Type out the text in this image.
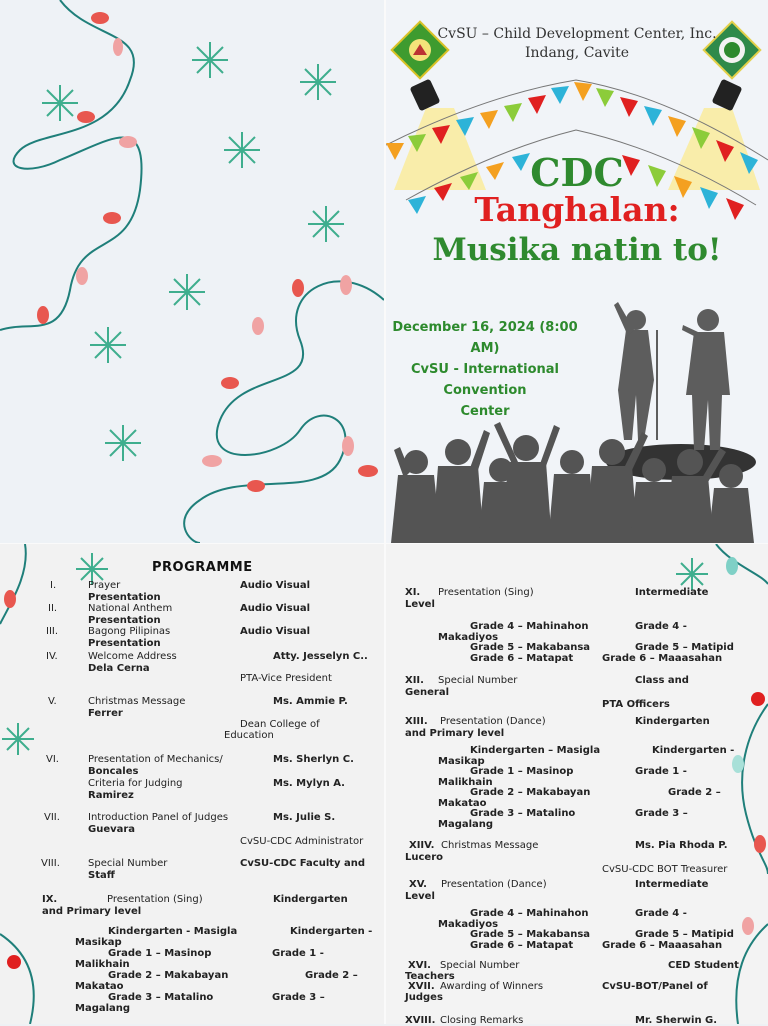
CvSU – Child Development Center, Inc.
Indang, Cavite
CDC
Tanghalan:
Musika natin to!
December 16, 2024 (8:00 AM)
CvSU - International
Convention
Center
PROGRAMME
I.	Prayer	Audio Visual
Presentation
II.	National Anthem	Audio Visual
Presentation
III.	Bagong Pilipinas	Audio Visual
Presentation
IV.	Welcome Address	Atty. Jesselyn C..
Dela Cerna
PTA-Vice President
V.	Christmas Message	Ms. Ammie P.
Ferrer
Dean College of
Education
VI.	Presentation of Mechanics/	Ms. Sherlyn C.
Boncales
Criteria for Judging	Ms. Mylyn A.
Ramirez
VII.	Introduction Panel of Judges	Ms. Julie S.
Guevara
CvSU-CDC Administrator
VIII.	Special Number	CvSU-CDC Faculty and
Staff
IX.	Presentation (Sing)	Kindergarten
and Primary level
Kindergarten - Masigla	Kindergarten -
Masikap
Grade 1 – Masinop	Grade 1 -
Malikhain
Grade 2 – Makabayan	Grade 2 –
Makatao
Grade 3 – Matalino	Grade 3 –
Magalang
XI. Presentation (Sing)	Intermediate
Level
Grade 4 – Mahinahon	Grade 4 -
Makadiyos
Grade 5 – Makabansa	Grade 5 – Matipid
Grade 6 – Matapat	Grade 6 – Maaasahan
XII. Special Number	Class and
General
PTA Officers
XIII. Presentation (Dance)	Kindergarten
and Primary level
Kindergarten – Masigla	Kindergarten -
Masikap
Grade 1 – Masinop	Grade 1 -
Malikhain
Grade 2 – Makabayan	Grade 2 –
Makatao
Grade 3 – Matalino	Grade 3 –
Magalang
XIIV. Christmas Message	Ms. Pia Rhoda P.
Lucero
CvSU-CDC BOT Treasurer
XV. Presentation (Dance)	Intermediate
Level
Grade 4 – Mahinahon	Grade 4 -
Makadiyos
Grade 5 – Makabansa	Grade 5 – Matipid
Grade 6 – Matapat	Grade 6 – Maaasahan
XVI. Special Number	CED Student
Teachers
XVII. Awarding of Winners	CvSU-BOT/Panel of
Judges
XVIII. Closing Remarks	Mr. Sherwin G.
